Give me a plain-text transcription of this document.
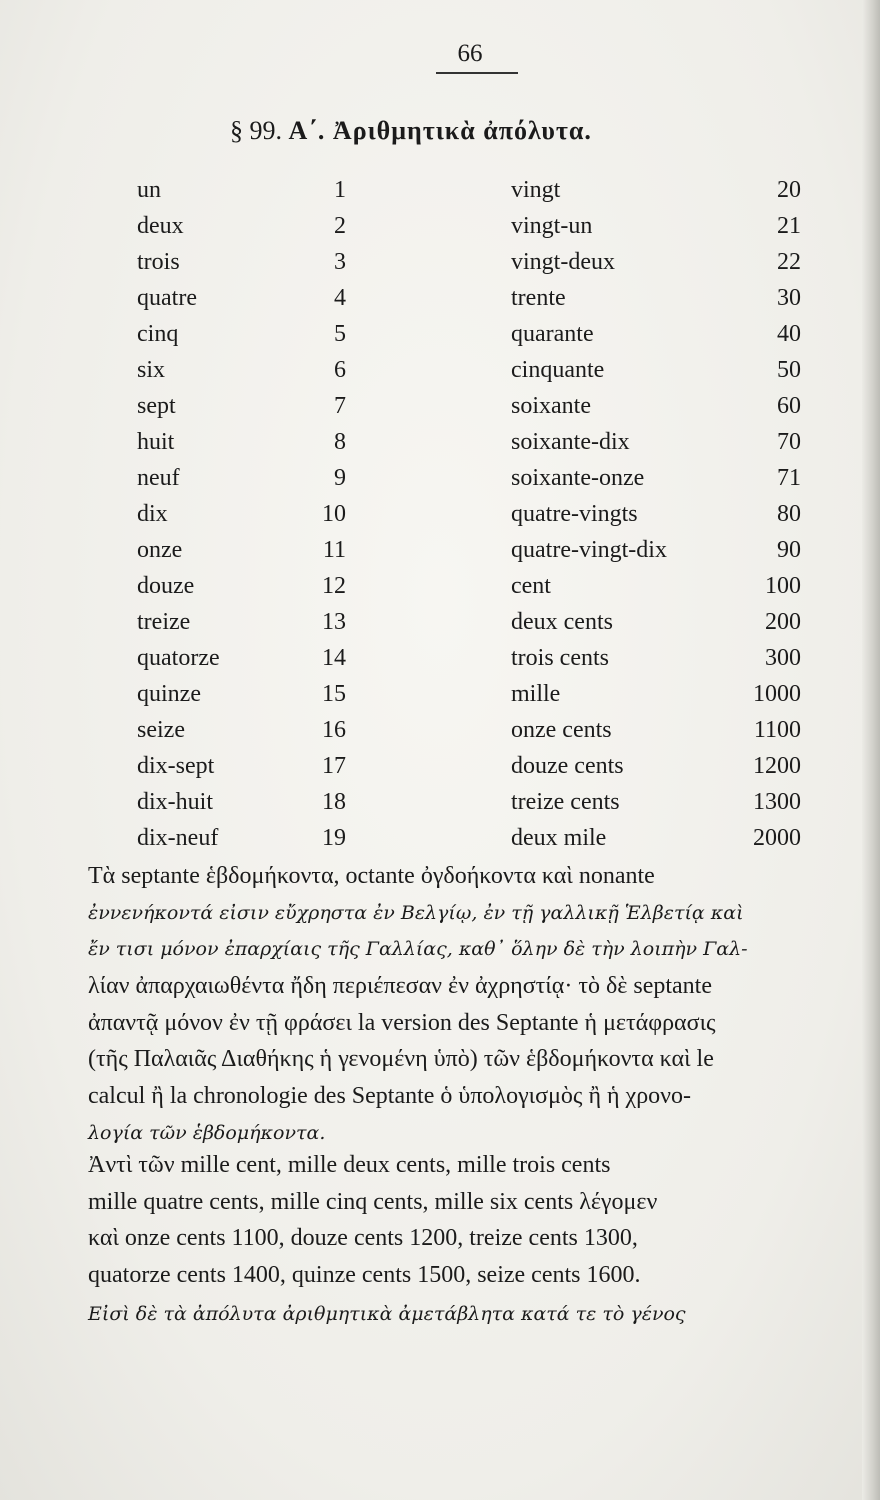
66
§ 99. Α΄. Ἀριθμητικὰ ἀπόλυτα.
un	1	vingt	20
deux	2	vingt-un	21
trois	3	vingt-deux	22
quatre	4	trente	30
cinq	5	quarante	40
six	6	cinquante	50
sept	7	soixante	60
huit	8	soixante-dix	70
neuf	9	soixante-onze	71
dix	10	quatre-vingts	80
onze	11	quatre-vingt-dix	90
douze	12	cent	100
treize	13	deux cents	200
quatorze	14	trois cents	300
quinze	15	mille	1000
seize	16	onze cents	1100
dix-sept	17	douze cents	1200
dix-huit	18	treize cents	1300
dix-neuf	19	deux mile	2000
Τὰ septante ἑβδομήκοντα, octante ὀγδοήκοντα καὶ nonante
ἐννενήκοντά εἰσιν εὔχρηστα ἐν Βελγίῳ, ἐν τῇ γαλλικῇ Ἑλβετίᾳ καὶ
ἔν τισι μόνον ἐπαρχίαις τῆς Γαλλίας, καθ᾽ ὅλην δὲ τὴν λοιπὴν Γαλ-
λίαν ἀπαρχαιωθέντα ἤδη περιέπεσαν ἐν ἀχρηστίᾳ· τὸ δὲ septante
ἀπαντᾷ μόνον ἐν τῇ φράσει la version des Septante ἡ μετάφρασις
(τῆς Παλαιᾶς Διαθήκης ἡ γενομένη ὑπὸ) τῶν ἑβδομήκοντα καὶ le
calcul ἢ la chronologie des Septante ὁ ὑπολογισμὸς ἢ ἡ χρονο-
λογία τῶν ἑβδομήκοντα.
Ἀντὶ τῶν mille cent, mille deux cents, mille trois cents
mille quatre cents, mille cinq cents, mille six cents λέγομεν
καὶ onze cents 1100, douze cents 1200, treize cents 1300,
quatorze cents 1400, quinze cents 1500, seize cents 1600.
Εἰσὶ δὲ τὰ ἀπόλυτα ἀριθμητικὰ ἀμετάβλητα κατά τε τὸ γένος
